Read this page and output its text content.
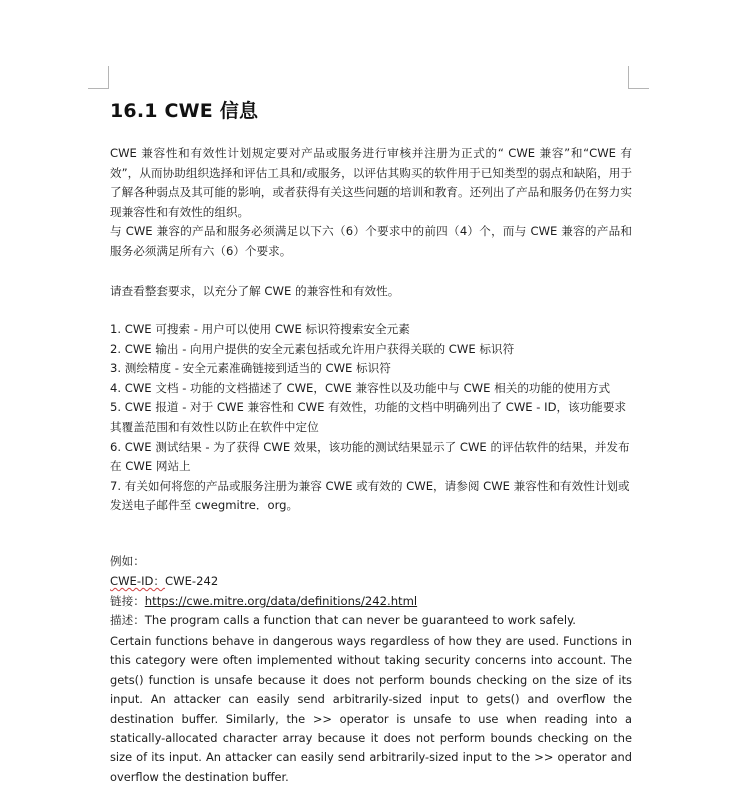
16.1 CWE 信息

CWE 兼容性和有效性计划规定要对产品或服务进行审核并注册为正式的“ CWE 兼容”和“CWE 有效”，从而协助组织选择和评估工具和/或服务，以评估其购买的软件用于已知类型的弱点和缺陷，用于了解各种弱点及其可能的影响，或者获得有关这些问题的培训和教育。还列出了产品和服务仍在努力实现兼容性和有效性的组织。

与 CWE 兼容的产品和服务必须满足以下六（6）个要求中的前四（4）个，而与 CWE 兼容的产品和服务必须满足所有六（6）个要求。

请查看整套要求，以充分了解 CWE 的兼容性和有效性。

1. CWE 可搜索 - 用户可以使用 CWE 标识符搜索安全元素

2. CWE 输出 - 向用户提供的安全元素包括或允许用户获得关联的 CWE 标识符

3. 测绘精度 - 安全元素准确链接到适当的 CWE 标识符

4. CWE 文档 - 功能的文档描述了 CWE，CWE 兼容性以及功能中与 CWE 相关的功能的使用方式

5. CWE 报道 - 对于 CWE 兼容性和 CWE 有效性，功能的文档中明确列出了 CWE - ID，该功能要求其覆盖范围和有效性以防止在软件中定位

6. CWE 测试结果 - 为了获得 CWE 效果，该功能的测试结果显示了 CWE 的评估软件的结果，并发布在 CWE 网站上

7. 有关如何将您的产品或服务注册为兼容 CWE 或有效的 CWE，请参阅 CWE 兼容性和有效性计划或发送电子邮件至 cwegmitre．org。

例如：

CWE-ID：CWE-242

链接：https://cwe.mitre.org/data/definitions/242.html

描述：The program calls a function that can never be guaranteed to work safely.

Certain functions behave in dangerous ways regardless of how they are used. Functions in this category were often implemented without taking security concerns into account. The gets() function is unsafe because it does not perform bounds checking on the size of its input. An attacker can easily send arbitrarily-sized input to gets() and overflow the destination buffer. Similarly, the >> operator is unsafe to use when reading into a statically-allocated character array because it does not perform bounds checking on the size of its input. An attacker can easily send arbitrarily-sized input to the >> operator and overflow the destination buffer.
